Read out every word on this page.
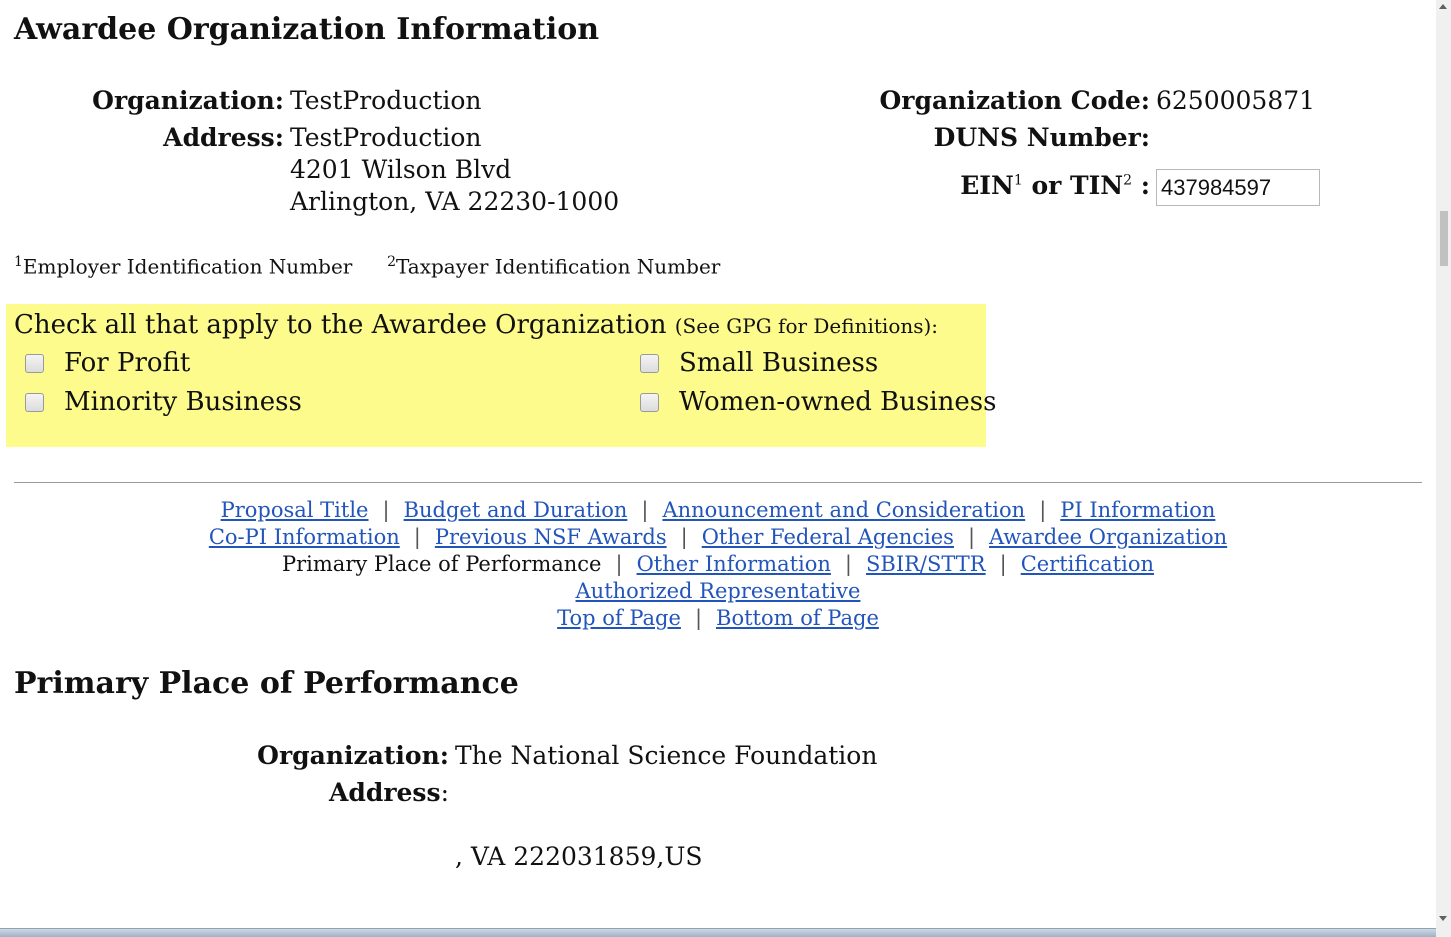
Awardee Organization Information
Organization: TestProduction
Address: TestProduction
4201 Wilson Blvd
Arlington, VA 22230-1000
Organization Code: 6250005871
DUNS Number:
EIN$^1$ or TIN$^2$ :
437984597
$^1$Employer Identification Number $^2$Taxpayer Identification Number
Check all that apply to the Awardee Organization (See GPG for Definitions):
For Profit	Small Business
Minority Business	Women-owned Business
Proposal Title | Budget and Duration | Announcement and Consideration | PI Information
Co-PI Information | Previous NSF Awards | Other Federal Agencies | Awardee Organization
Primary Place of Performance | Other Information | SBIR/STTR | Certification
Authorized Representative
Top of Page | Bottom of Page
Primary Place of Performance
Organization: The National Science Foundation
Address:
, VA 222031859,US
